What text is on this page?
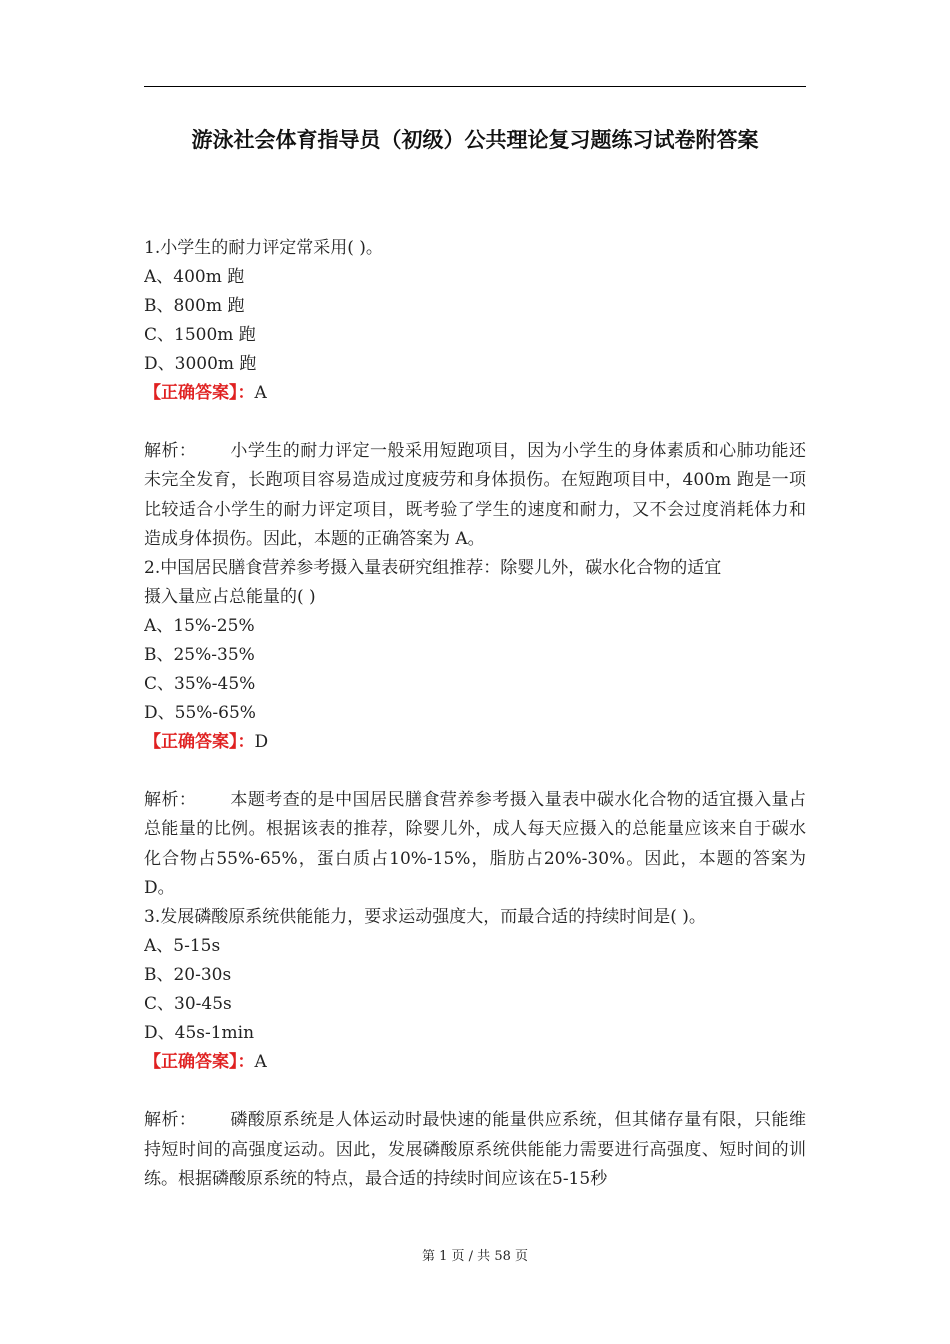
游泳社会体育指导员（初级）公共理论复习题练习试卷附答案
1.小学生的耐力评定常采用( )。
A、400m 跑
B、800m 跑
C、1500m 跑
D、3000m 跑
【正确答案】：A
解析： 小学生的耐力评定一般采用短跑项目，因为小学生的身体素质和心肺功能还未完全发育，长跑项目容易造成过度疲劳和身体损伤。在短跑项目中，400m 跑是一项比较适合小学生的耐力评定项目，既考验了学生的速度和耐力，又不会过度消耗体力和造成身体损伤。因此，本题的正确答案为 A。
2.中国居民膳食营养参考摄入量表研究组推荐：除婴儿外，碳水化合物的适宜
摄入量应占总能量的( )
A、15%-25%
B、25%-35%
C、35%-45%
D、55%-65%
【正确答案】：D
解析： 本题考查的是中国居民膳食营养参考摄入量表中碳水化合物的适宜摄入量占总能量的比例。根据该表的推荐，除婴儿外，成人每天应摄入的总能量应该来自于碳水化合物占55%-65%，蛋白质占10%-15%，脂肪占20%-30%。因此，本题的答案为D。
3.发展磷酸原系统供能能力，要求运动强度大，而最合适的持续时间是( )。
A、5-15s
B、20-30s
C、30-45s
D、45s-1min
【正确答案】：A
解析： 磷酸原系统是人体运动时最快速的能量供应系统，但其储存量有限，只能维持短时间的高强度运动。因此，发展磷酸原系统供能能力需要进行高强度、短时间的训练。根据磷酸原系统的特点，最合适的持续时间应该在5-15秒
第 1 页 / 共 58 页
